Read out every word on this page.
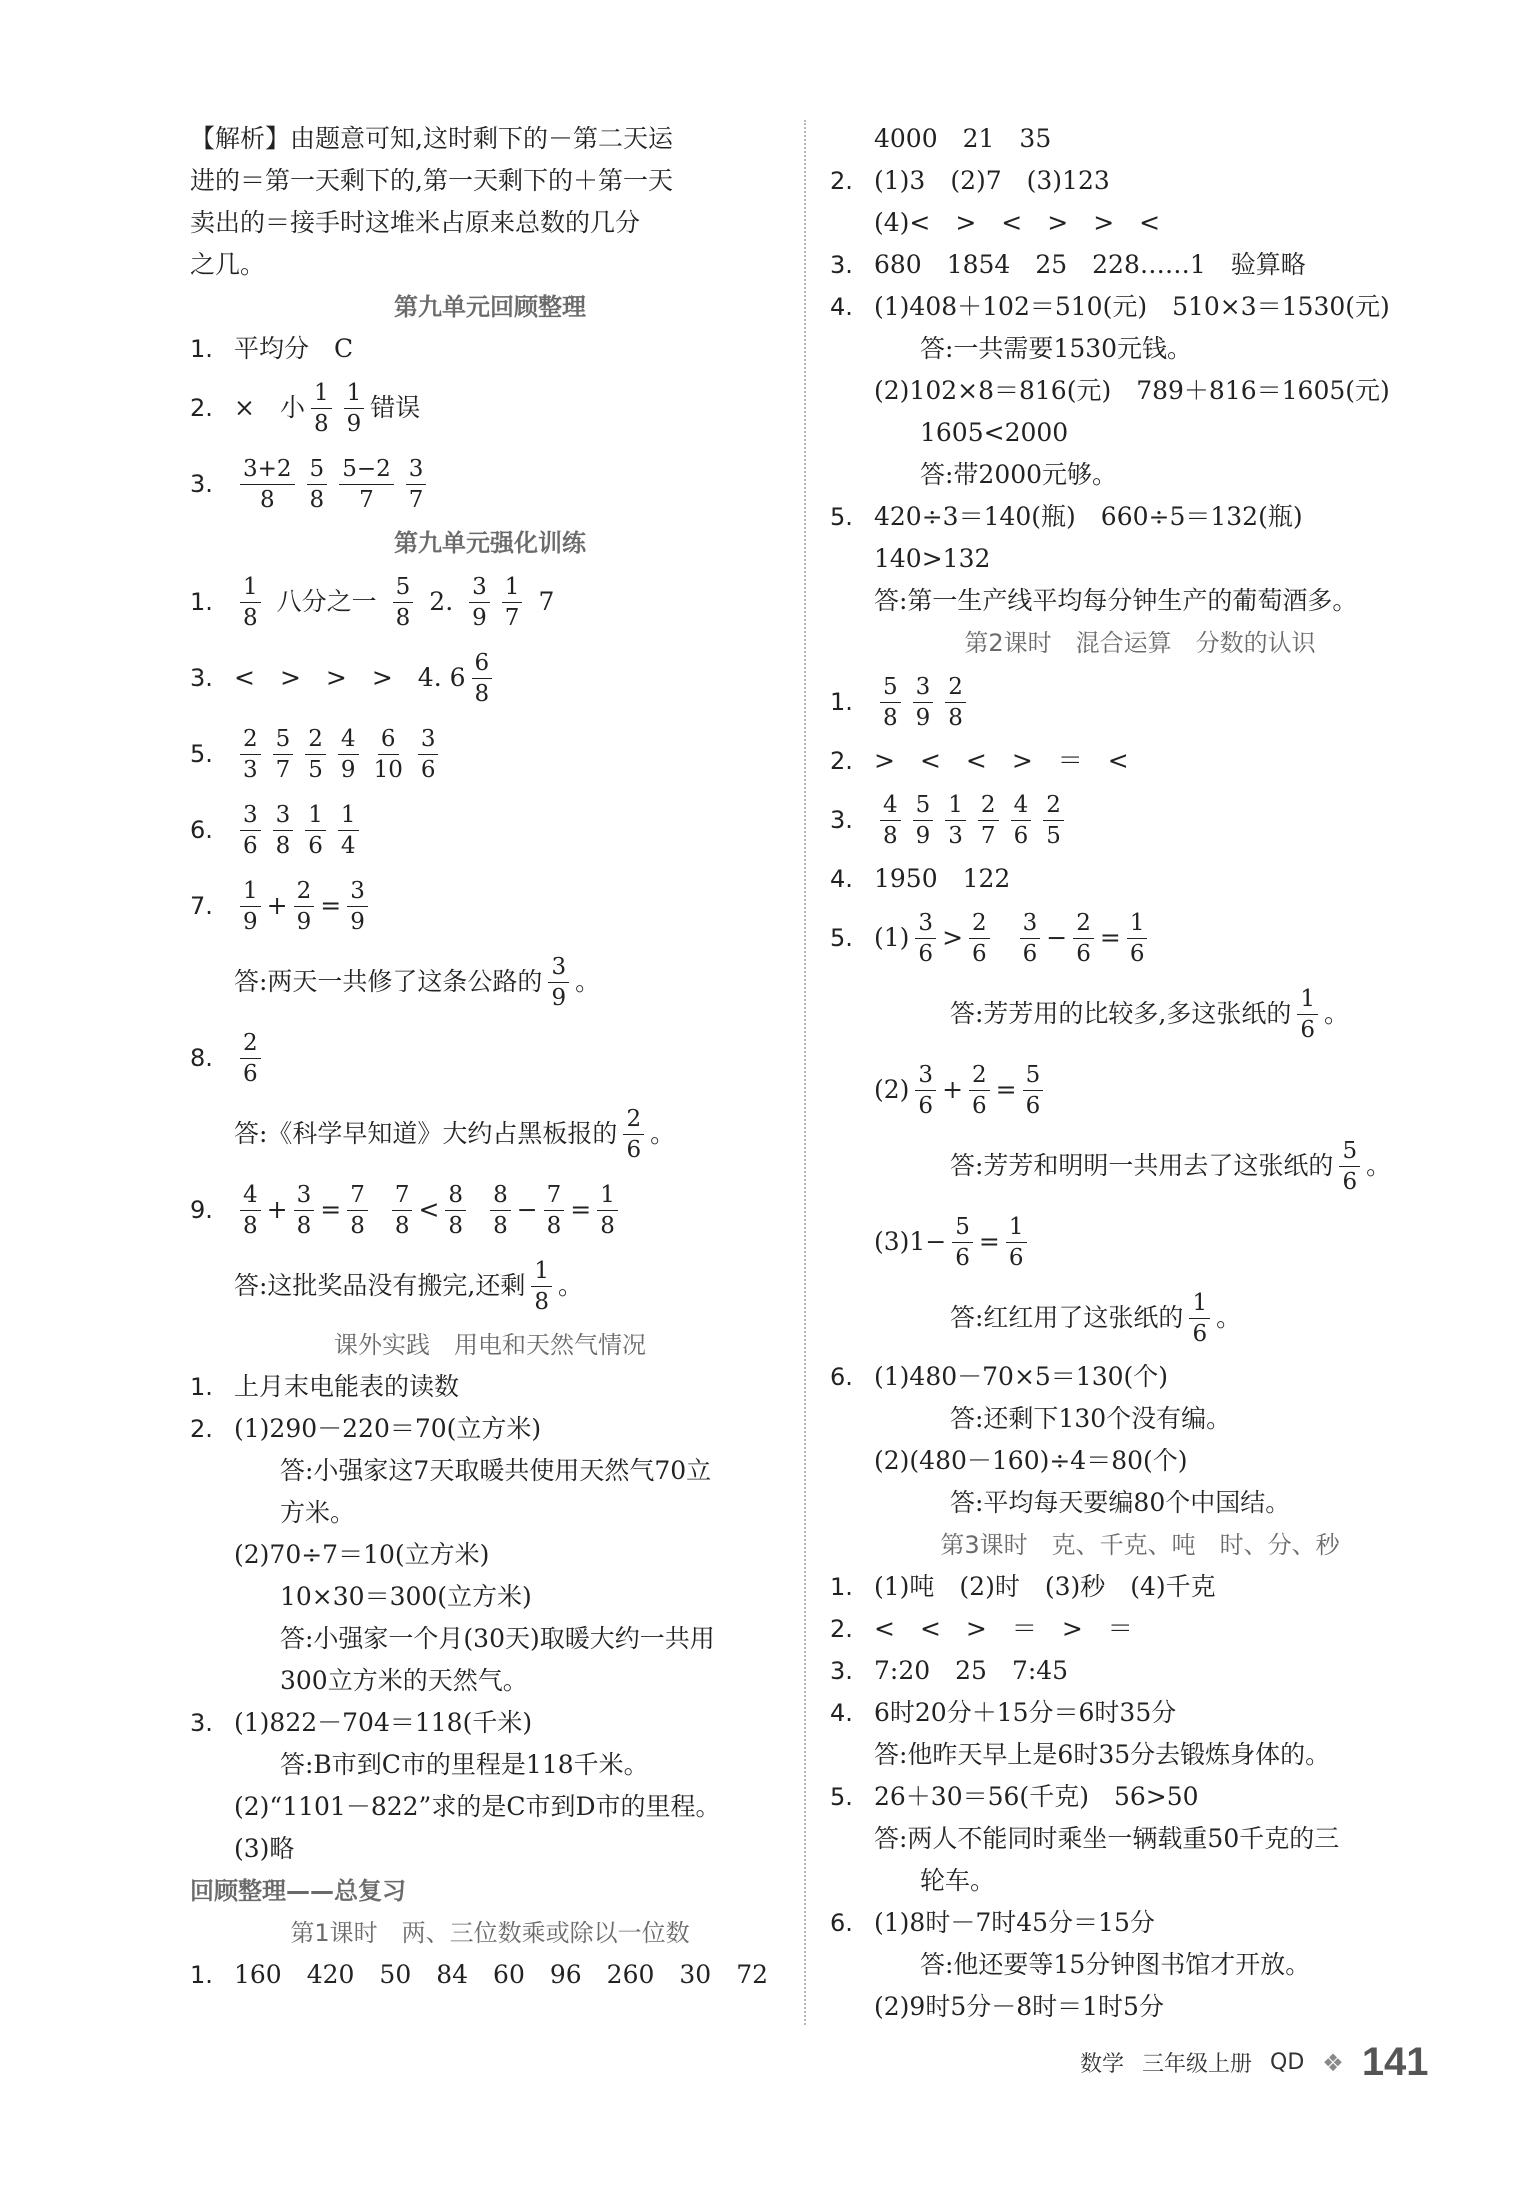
【解析】由题意可知,这时剩下的－第二天运
进的＝第一天剩下的,第一天剩下的＋第一天
卖出的＝接手时这堆米占原来总数的几分
之几。
第九单元回顾整理
1. 平均分　C
2. ×　小 $\frac{1}{8} \frac{1}{9}$ 错误
3.	$\frac{3+2}{8} \frac{5}{8} \frac{5-2}{7} \frac{3}{7}$
第九单元强化训练
1.	$\frac{1}{8}$ 八分之一 $\frac{5}{8} 2$. $\frac{3}{9} \frac{1}{7} 7$
3. <　>　>　>　4. $6 \frac{6}{8}$
5.	$\frac{2}{3} \frac{5}{7} \frac{2}{5} \frac{4}{9} \frac{6}{10} \frac{3}{6}$
6.	$\frac{3}{6} \frac{3}{8} \frac{1}{6} \frac{1}{4}$
7.	$\frac{1}{9} + \frac{2}{9} = \frac{3}{9}$
答:两天一共修了这条公路的 $\frac{3}{9}$ 。
8.	$\frac{2}{6}$
答:《科学早知道》大约占黑板报的 $\frac{2}{6}$ 。
9.	$\frac{4}{8} + \frac{3}{8} = \frac{7}{8} \frac{7}{8} < \frac{8}{8} \frac{8}{8} - \frac{7}{8} = \frac{1}{8}$
答:这批奖品没有搬完,还剩 $\frac{1}{8}$ 。
课外实践　用电和天然气情况
1. 上月末电能表的读数
2. (1)290－220＝70(立方米)
答:小强家这7天取暖共使用天然气70立
方米。
(2)70÷7＝10(立方米)
10×30＝300(立方米)
答:小强家一个月(30天)取暖大约一共用
300立方米的天然气。
3. (1)822－704＝118(千米)
答:B市到C市的里程是118千米。
(2)“1101－822”求的是C市到D市的里程。
(3)略
回顾整理——总复习
第1课时　两、三位数乘或除以一位数
1. 160　420　50　84　60　96　260　30　72
4000　21　35
2. (1)3　(2)7　(3)123
(4)<　>　<　>　>　<
3. 680　1854　25　228……1　验算略
4. (1)408＋102＝510(元)　510×3＝1530(元)
答:一共需要1530元钱。
(2)102×8＝816(元)　789＋816＝1605(元)
1605<2000
答:带2000元够。
5. 420÷3＝140(瓶)　660÷5＝132(瓶)
140>132
答:第一生产线平均每分钟生产的葡萄酒多。
第2课时　混合运算　分数的认识
1.	$\frac{5}{8} \frac{3}{9} \frac{2}{8}$
2. >　<　<　>　＝　<
3.	$\frac{4}{8} \frac{5}{9} \frac{1}{3} \frac{2}{7} \frac{4}{6} \frac{2}{5}$
4. 1950　122
5. $(1) \frac{3}{6} > \frac{2}{6} \frac{3}{6} - \frac{2}{6} = \frac{1}{6}$
答:芳芳用的比较多,多这张纸的 $\frac{1}{6}$ 。
$(2) \frac{3}{6} + \frac{2}{6} = \frac{5}{6}$
答:芳芳和明明一共用去了这张纸的 $\frac{5}{6}$ 。
(3) $1 - \frac{5}{6} = \frac{1}{6}$
答:红红用了这张纸的 $\frac{1}{6}$ 。
6. (1)480－70×5＝130(个)
答:还剩下130个没有编。
(2)(480－160)÷4＝80(个)
答:平均每天要编80个中国结。
第3课时　克、千克、吨　时、分、秒
1. (1)吨　(2)时　(3)秒　(4)千克
2. <　<　>　＝　>　＝
3. 7:20　25　7:45
4. 6时20分＋15分＝6时35分
答:他昨天早上是6时35分去锻炼身体的。
5. 26＋30＝56(千克)　56>50
答:两人不能同时乘坐一辆载重50千克的三
轮车。
6. (1)8时－7时45分＝15分
答:他还要等15分钟图书馆才开放。
(2)9时5分－8时＝1时5分
数学 三年级上册 QD ❖ 141
